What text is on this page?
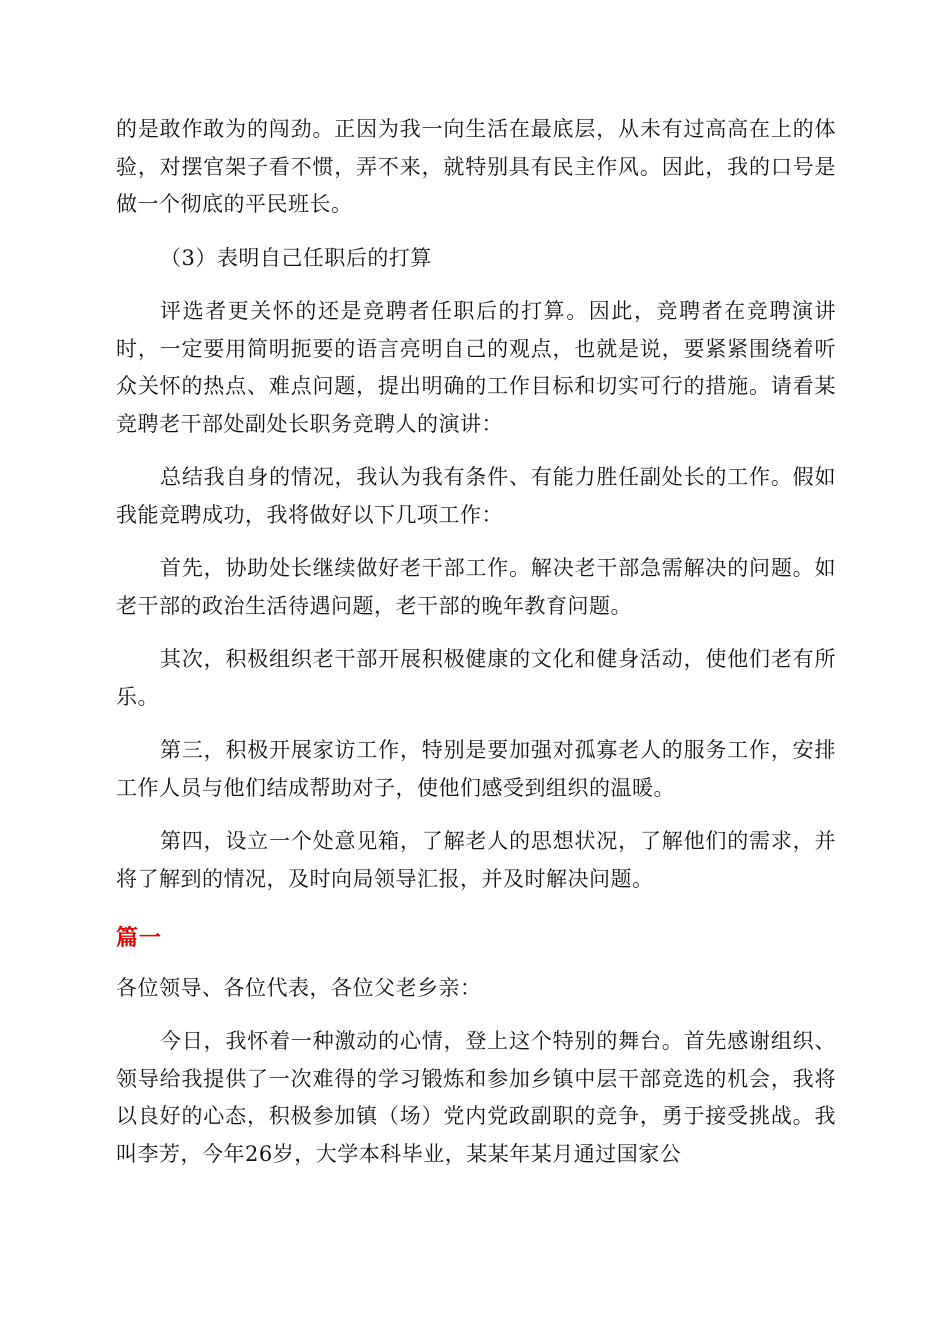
的是敢作敢为的闯劲。正因为我一向生活在最底层，从未有过高高在上的体验，对摆官架子看不惯，弄不来，就特别具有民主作风。因此，我的口号是做一个彻底的平民班长。

（3）表明自己任职后的打算

评选者更关怀的还是竞聘者任职后的打算。因此，竞聘者在竞聘演讲时，一定要用简明扼要的语言亮明自己的观点，也就是说，要紧紧围绕着听众关怀的热点、难点问题，提出明确的工作目标和切实可行的措施。请看某竞聘老干部处副处长职务竞聘人的演讲：

总结我自身的情况，我认为我有条件、有能力胜任副处长的工作。假如我能竞聘成功，我将做好以下几项工作：

首先，协助处长继续做好老干部工作。解决老干部急需解决的问题。如老干部的政治生活待遇问题，老干部的晚年教育问题。

其次，积极组织老干部开展积极健康的文化和健身活动，使他们老有所乐。

第三，积极开展家访工作，特别是要加强对孤寡老人的服务工作，安排工作人员与他们结成帮助对子，使他们感受到组织的温暖。

第四，设立一个处意见箱，了解老人的思想状况，了解他们的需求，并将了解到的情况，及时向局领导汇报，并及时解决问题。

篇一

各位领导、各位代表，各位父老乡亲：

今日，我怀着一种激动的心情，登上这个特别的舞台。首先感谢组织、领导给我提供了一次难得的学习锻炼和参加乡镇中层干部竞选的机会，我将以良好的心态，积极参加镇（场）党内党政副职的竞争，勇于接受挑战。我叫李芳，今年26岁，大学本科毕业，某某年某月通过国家公
